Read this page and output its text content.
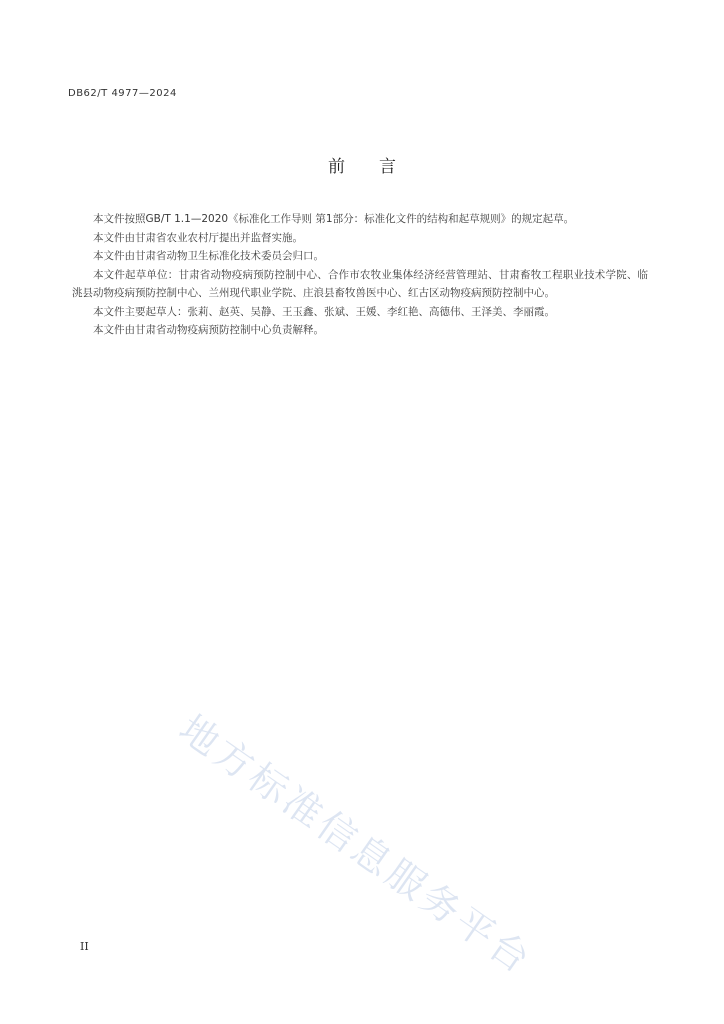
DB62/T 4977—2024
前言

本文件按照GB/T 1.1—2020《标准化工作导则 第1部分：标准化文件的结构和起草规则》的规定起草。

本文件由甘肃省农业农村厅提出并监督实施。

本文件由甘肃省动物卫生标准化技术委员会归口。

本文件起草单位：甘肃省动物疫病预防控制中心、合作市农牧业集体经济经营管理站、甘肃畜牧工程职业技术学院、临洮县动物疫病预防控制中心、兰州现代职业学院、庄浪县畜牧兽医中心、红古区动物疫病预防控制中心。

本文件主要起草人：张莉、赵英、吴静、王玉鑫、张斌、王媛、李红艳、高德伟、王泽美、李丽霞。

本文件由甘肃省动物疫病预防控制中心负责解释。

地方标准信息服务平台
II
